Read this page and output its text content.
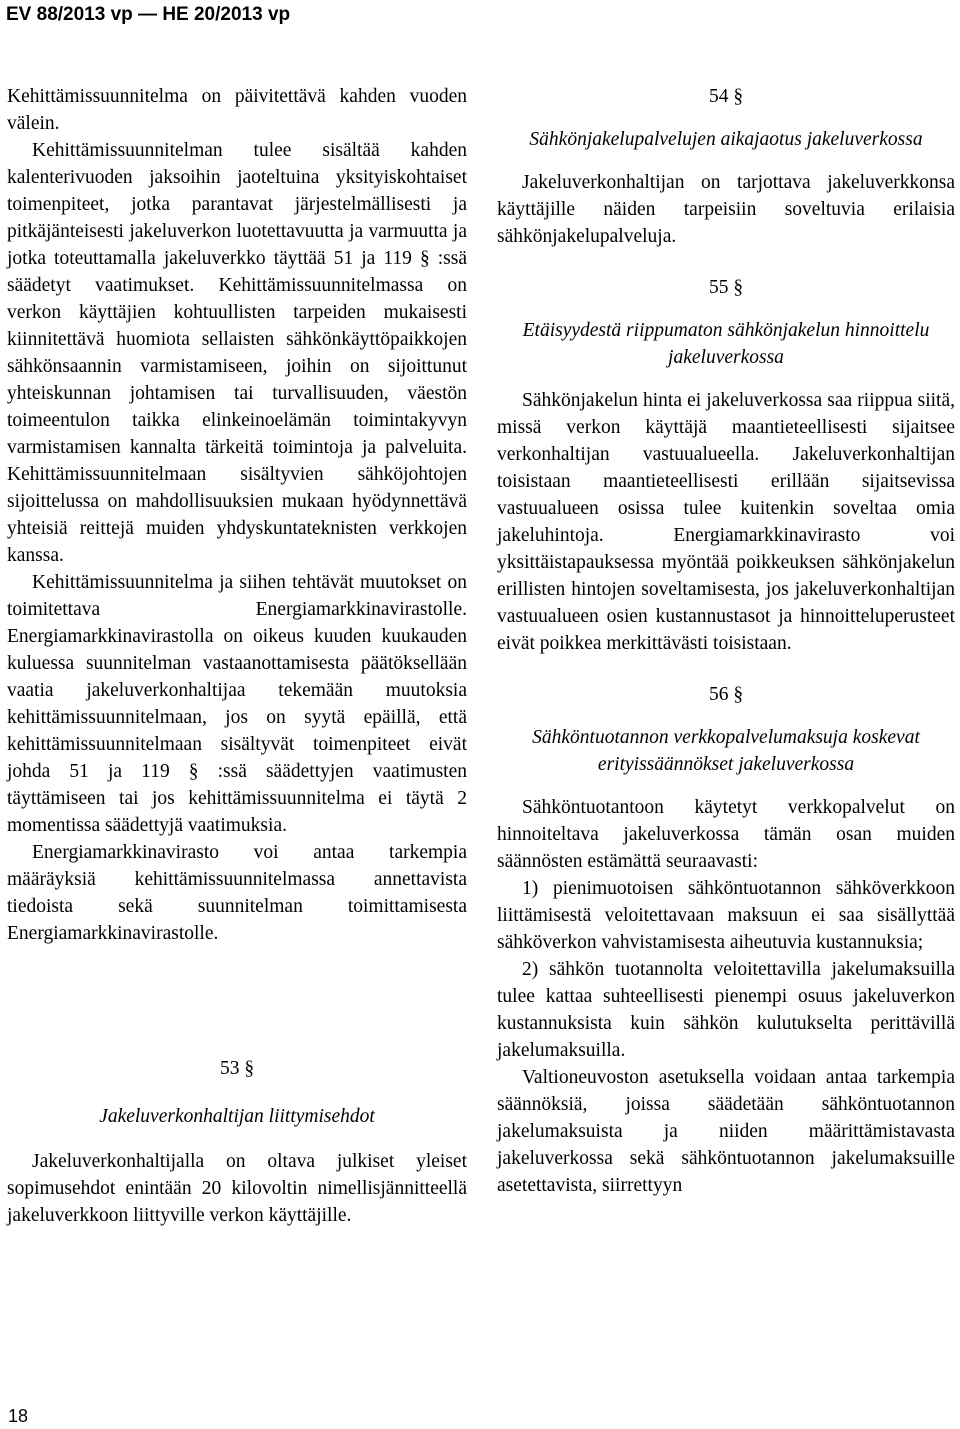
EV 88/2013 vp — HE 20/2013 vp

Kehittämissuunnitelma on päivitettävä kahden vuoden välein.

Kehittämissuunnitelman tulee sisältää kahden kalenterivuoden jaksoihin jaoteltuina yksityiskohtaiset toimenpiteet, jotka parantavat järjestelmällisesti ja pitkäjänteisesti jakeluverkon luotettavuutta ja varmuutta ja jotka toteuttamalla jakeluverkko täyttää 51 ja 119 § :ssä säädetyt vaatimukset. Kehittämissuunnitelmassa on verkon käyttäjien kohtuullisten tarpeiden mukaisesti kiinnitettävä huomiota sellaisten sähkönkäyttöpaikkojen sähkönsaannin varmistamiseen, joihin on sijoittunut yhteiskunnan johtamisen tai turvallisuuden, väestön toimeentulon taikka elinkeinoelämän toimintakyvyn varmistamisen kannalta tärkeitä toimintoja ja palveluita. Kehittämissuunnitelmaan sisältyvien sähköjohtojen sijoittelussa on mahdollisuuksien mukaan hyödynnettävä yhteisiä reittejä muiden yhdyskuntateknisten verkkojen kanssa.

Kehittämissuunnitelma ja siihen tehtävät muutokset on toimitettava Energiamarkkinavirastolle. Energiamarkkinavirastolla on oikeus kuuden kuukauden kuluessa suunnitelman vastaanottamisesta päätöksellään vaatia jakeluverkonhaltijaa tekemään muutoksia kehittämissuunnitelmaan, jos on syytä epäillä, että kehittämissuunnitelmaan sisältyvät toimenpiteet eivät johda 51 ja 119 § :ssä säädettyjen vaatimusten täyttämiseen tai jos kehittämissuunnitelma ei täytä 2 momentissa säädettyjä vaatimuksia.

Energiamarkkinavirasto voi antaa tarkempia määräyksiä kehittämissuunnitelmassa annettavista tiedoista sekä suunnitelman toimittamisesta Energiamarkkinavirastolle.

53 §

Jakeluverkonhaltijan liittymisehdot

Jakeluverkonhaltijalla on oltava julkiset yleiset sopimusehdot enintään 20 kilovoltin nimellisjännitteellä jakeluverkkoon liittyville verkon käyttäjille.

54 §

Sähkönjakelupalvelujen aikajaotus jakeluverkossa

Jakeluverkonhaltijan on tarjottava jakeluverkkonsa käyttäjille näiden tarpeisiin soveltuvia erilaisia sähkönjakelupalveluja.

55 §

Etäisyydestä riippumaton sähkönjakelun hinnoittelu jakeluverkossa

Sähkönjakelun hinta ei jakeluverkossa saa riippua siitä, missä verkon käyttäjä maantieteellisesti sijaitsee verkonhaltijan vastuualueella. Jakeluverkonhaltijan toisistaan maantieteellisesti erillään sijaitsevissa vastuualueen osissa tulee kuitenkin soveltaa omia jakeluhintoja. Energiamarkkinavirasto voi yksittäistapauksessa myöntää poikkeuksen sähkönjakelun erillisten hintojen soveltamisesta, jos jakeluverkonhaltijan vastuualueen osien kustannustasot ja hinnoitteluperusteet eivät poikkea merkittävästi toisistaan.

56 §

Sähköntuotannon verkkopalvelumaksuja koskevat erityissäännökset jakeluverkossa

Sähköntuotantoon käytetyt verkkopalvelut on hinnoiteltava jakeluverkossa tämän osan muiden säännösten estämättä seuraavasti:

1) pienimuotoisen sähköntuotannon sähköverkkoon liittämisestä veloitettavaan maksuun ei saa sisällyttää sähköverkon vahvistamisesta aiheutuvia kustannuksia;

2) sähkön tuotannolta veloitettavilla jakelumaksuilla tulee kattaa suhteellisesti pienempi osuus jakeluverkon kustannuksista kuin sähkön kulutukselta perittävillä jakelumaksuilla.

Valtioneuvoston asetuksella voidaan antaa tarkempia säännöksiä, joissa säädetään sähköntuotannon jakelumaksuista ja niiden määrittämistavasta jakeluverkossa sekä sähköntuotannon jakelumaksuille asetettavista, siirrettyyn

18
